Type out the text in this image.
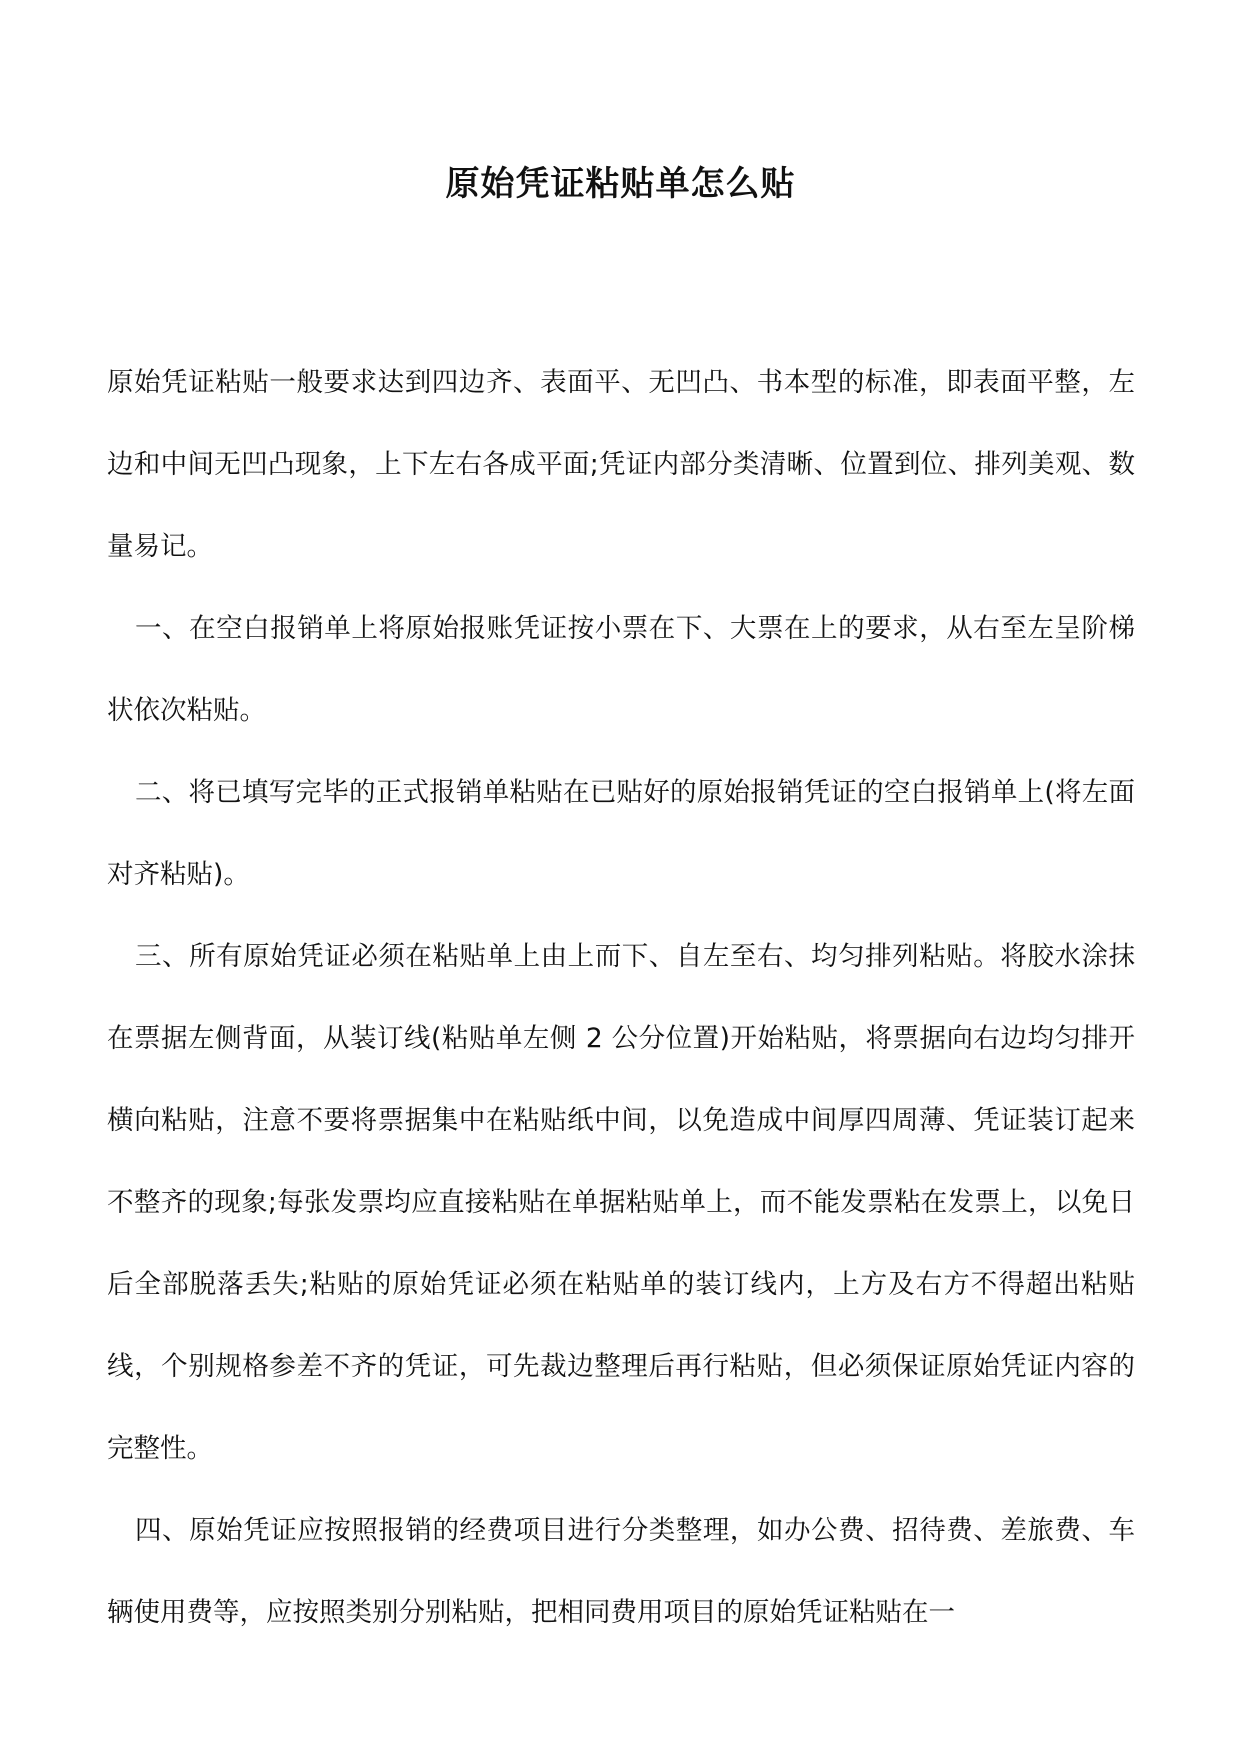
原始凭证粘贴单怎么贴

原始凭证粘贴一般要求达到四边齐、表面平、无凹凸、书本型的标准，即表面平整，左边和中间无凹凸现象，上下左右各成平面;凭证内部分类清晰、位置到位、排列美观、数量易记。

一、在空白报销单上将原始报账凭证按小票在下、大票在上的要求，从右至左呈阶梯状依次粘贴。

二、将已填写完毕的正式报销单粘贴在已贴好的原始报销凭证的空白报销单上(将左面对齐粘贴)。

三、所有原始凭证必须在粘贴单上由上而下、自左至右、均匀排列粘贴。将胶水涂抹在票据左侧背面，从装订线(粘贴单左侧 2 公分位置)开始粘贴，将票据向右边均匀排开横向粘贴，注意不要将票据集中在粘贴纸中间，以免造成中间厚四周薄、凭证装订起来不整齐的现象;每张发票均应直接粘贴在单据粘贴单上，而不能发票粘在发票上，以免日后全部脱落丢失;粘贴的原始凭证必须在粘贴单的装订线内，上方及右方不得超出粘贴线，个别规格参差不齐的凭证，可先裁边整理后再行粘贴，但必须保证原始凭证内容的完整性。

四、原始凭证应按照报销的经费项目进行分类整理，如办公费、招待费、差旅费、车辆使用费等，应按照类别分别粘贴，把相同费用项目的原始凭证粘贴在一
